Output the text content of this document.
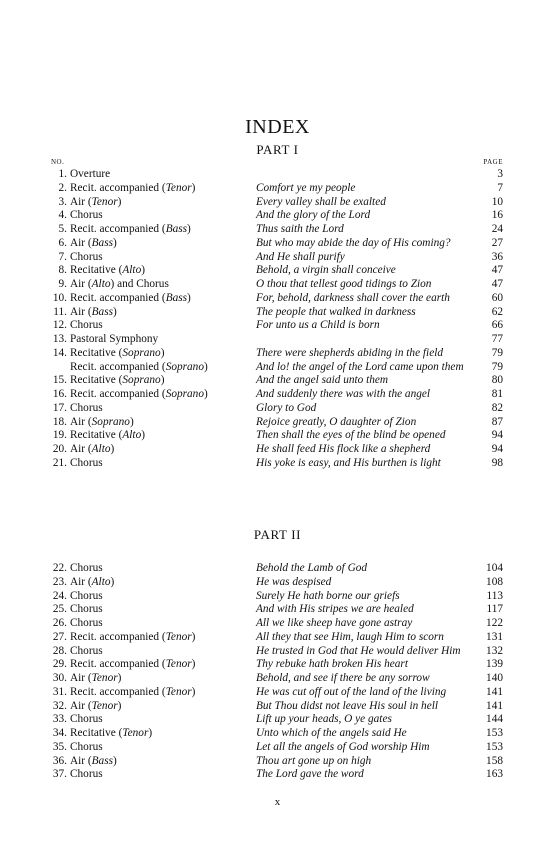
INDEX
PART I
NO.	PAGE
1. Overture	3
2. Recit. accompanied (Tenor)	Comfort ye my people	7
3. Air (Tenor)	Every valley shall be exalted	10
4. Chorus	And the glory of the Lord	16
5. Recit. accompanied (Bass)	Thus saith the Lord	24
6. Air (Bass)	But who may abide the day of His coming?	27
7. Chorus	And He shall purify	36
8. Recitative (Alto)	Behold, a virgin shall conceive	47
9. Air (Alto) and Chorus	O thou that tellest good tidings to Zion	47
10. Recit. accompanied (Bass)	For, behold, darkness shall cover the earth	60
11. Air (Bass)	The people that walked in darkness	62
12. Chorus	For unto us a Child is born	66
13. Pastoral Symphony	77
14. Recitative (Soprano)	There were shepherds abiding in the field	79
Recit. accompanied (Soprano)	And lo! the angel of the Lord came upon them 79
15. Recitative (Soprano)	And the angel said unto them	80
16. Recit. accompanied (Soprano)	And suddenly there was with the angel	81
17. Chorus	Glory to God	82
18. Air (Soprano)	Rejoice greatly, O daughter of Zion	87
19. Recitative (Alto)	Then shall the eyes of the blind be opened	94
20. Air (Alto)	He shall feed His flock like a shepherd	94
21. Chorus	His yoke is easy, and His burthen is light	98
PART II
22. Chorus	Behold the Lamb of God	104
23. Air (Alto)	He was despised	108
24. Chorus	Surely He hath borne our griefs	113
25. Chorus	And with His stripes we are healed	117
26. Chorus	All we like sheep have gone astray	122
27. Recit. accompanied (Tenor)	All they that see Him, laugh Him to scorn	131
28. Chorus	He trusted in God that He would deliver Him 132
29. Recit. accompanied (Tenor)	Thy rebuke hath broken His heart	139
30. Air (Tenor)	Behold, and see if there be any sorrow	140
31. Recit. accompanied (Tenor)	He was cut off out of the land of the living	141
32. Air (Tenor)	But Thou didst not leave His soul in hell	141
33. Chorus	Lift up your heads, O ye gates	144
34. Recitative (Tenor)	Unto which of the angels said He	153
35. Chorus	Let all the angels of God worship Him	153
36. Air (Bass)	Thou art gone up on high	158
37. Chorus	The Lord gave the word	163
x
